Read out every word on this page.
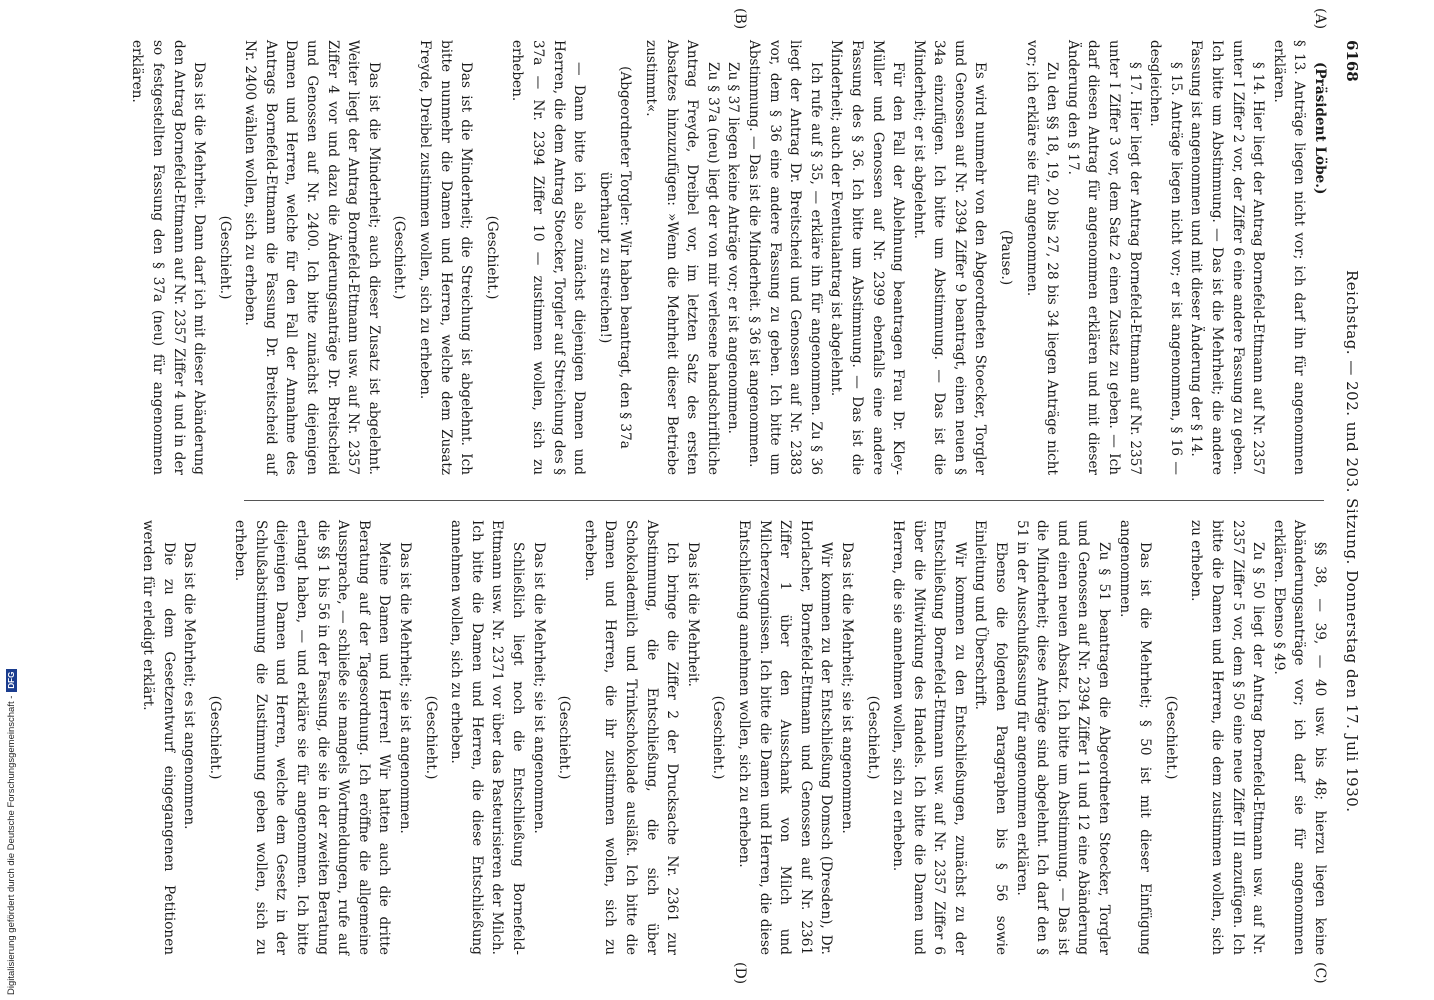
6168
Reichstag. — 202. und 203. Sitzung. Donnerstag den 17. Juli 1930.
(A)
(B)
(C)
(D)

(Präsident Löbe.)
§ 13. Anträge liegen nicht vor; ich darf ihn für angenommen erklären.

§ 14. Hier liegt der Antrag Bornefeld-Ettmann auf Nr. 2357 unter I Ziffer 2 vor, der Ziffer 6 eine andere Fassung zu geben. Ich bitte um Abstimmung. — Das ist die Mehrheit; die andere Fassung ist angenommen und mit dieser Änderung der § 14.

§ 15. Anträge liegen nicht vor; er ist angenommen, § 16 — desgleichen.

§ 17. Hier liegt der Antrag Bornefeld-Ettmann auf Nr. 2357 unter I Ziffer 3 vor, dem Satz 2 einen Zusatz zu geben. — Ich darf diesen Antrag für angenommen erklären und mit dieser Änderung den § 17.

Zu den §§ 18, 19, 20 bis 27, 28 bis 34 liegen Anträge nicht vor; ich erkläre sie für angenommen.

(Pause.)

Es wird nunmehr von den Abgeordneten Stoecker, Torgler und Genossen auf Nr. 2394 Ziffer 9 beantragt, einen neuen § 34a einzufügen. Ich bitte um Abstimmung. — Das ist die Minderheit; er ist abgelehnt.

Für den Fall der Ablehnung beantragen Frau Dr. Kley-Müller und Genossen auf Nr. 2399 ebenfalls eine andere Fassung des § 36. Ich bitte um Abstimmung. — Das ist die Minderheit; auch der Eventualantrag ist abgelehnt.

Ich rufe auf § 35, — erkläre ihn für angenommen. Zu § 36 liegt der Antrag Dr. Breitscheid und Genossen auf Nr. 2383 vor, dem § 36 eine andere Fassung zu geben. Ich bitte um Abstimmung. — Das ist die Minderheit. § 36 ist angenommen.

Zu § 37 liegen keine Anträge vor; er ist angenommen.

Zu § 37a (neu) liegt der von mir verlesene handschriftliche Antrag Freyde, Dreibel vor, im letzten Satz des ersten Absatzes hinzuzufügen: »Wenn die Mehrheit dieser Betriebe zustimmt«.

(Abgeordneter Torgler: Wir haben beantragt, den § 37a überhaupt zu streichen!)

— Dann bitte ich also zunächst diejenigen Damen und Herren, die dem Antrag Stoecker, Torgler auf Streichung des § 37a — Nr. 2394 Ziffer 10 — zustimmen wollen, sich zu erheben.

(Geschieht.)

Das ist die Minderheit; die Streichung ist abgelehnt. Ich bitte nunmehr die Damen und Herren, welche dem Zusatz Freyde, Dreibel zustimmen wollen, sich zu erheben.

(Geschieht.)

Das ist die Minderheit; auch dieser Zusatz ist abgelehnt. Weiter liegt der Antrag Bornefeld-Ettmann usw. auf Nr. 2357 Ziffer 4 vor und dazu die Änderungsanträge Dr. Breitscheid und Genossen auf Nr. 2400. Ich bitte zunächst diejenigen Damen und Herren, welche für den Fall der Annahme des Antrags Bornefeld-Ettmann die Fassung Dr. Breitscheid auf Nr. 2400 wählen wollen, sich zu erheben.

(Geschieht.)

Das ist die Mehrheit. Dann darf ich mit dieser Abänderung den Antrag Bornefeld-Ettmann auf Nr. 2357 Ziffer 4 und in der so festgestellten Fassung den § 37a (neu) für angenommen erklären.

§§ 38, — 39, — 40 usw. bis 48; hierzu liegen keine Abänderungsanträge vor; ich darf sie für angenommen erklären. Ebenso § 49.

Zu § 50 liegt der Antrag Bornefeld-Ettmann usw. auf Nr. 2357 Ziffer 5 vor, dem § 50 eine neue Ziffer III anzufügen. Ich bitte die Damen und Herren, die dem zustimmen wollen, sich zu erheben.

(Geschieht.)

Das ist die Mehrheit; § 50 ist mit dieser Einfügung angenommen.

Zu § 51 beantragen die Abgeordneten Stoecker, Torgler und Genossen auf Nr. 2394 Ziffer 11 und 12 eine Abänderung und einen neuen Absatz. Ich bitte um Abstimmung. — Das ist die Minderheit; diese Anträge sind abgelehnt. Ich darf den § 51 in der Ausschußfassung für angenommen erklären.

Ebenso die folgenden Paragraphen bis § 56 sowie Einleitung und Überschrift.

Wir kommen zu den Entschließungen, zunächst zu der Entschließung Bornefeld-Ettmann usw. auf Nr. 2357 Ziffer 6 über die Mitwirkung des Handels. Ich bitte die Damen und Herren, die sie annehmen wollen, sich zu erheben.

(Geschieht.)

Das ist die Mehrheit; sie ist angenommen.

Wir kommen zu der Entschließung Domsch (Dresden), Dr. Horlacher, Bornefeld-Ettmann und Genossen auf Nr. 2361 Ziffer 1 über den Ausschank von Milch und Milcherzeugnissen. Ich bitte die Damen und Herren, die diese Entschließung annehmen wollen, sich zu erheben.

(Geschieht.)

Das ist die Mehrheit.

Ich bringe die Ziffer 2 der Drucksache Nr. 2361 zur Abstimmung, die Entschließung, die sich über Schokolademilch und Trinkschokolade ausläßt. Ich bitte die Damen und Herren, die ihr zustimmen wollen, sich zu erheben.

(Geschieht.)

Das ist die Mehrheit; sie ist angenommen.

Schließlich liegt noch die Entschließung Bornefeld-Ettmann usw. Nr. 2371 vor über das Pasteurisieren der Milch. Ich bitte die Damen und Herren, die diese Entschließung annehmen wollen, sich zu erheben.

(Geschieht.)

Das ist die Mehrheit; sie ist angenommen.

Meine Damen und Herren! Wir hatten auch die dritte Beratung auf der Tagesordnung. Ich eröffne die allgemeine Aussprache, — schließe sie mangels Wortmeldungen, rufe auf die §§ 1 bis 56 in der Fassung, die sie in der zweiten Beratung erlangt haben, — und erkläre sie für angenommen. Ich bitte diejenigen Damen und Herren, welche dem Gesetz in der Schlußabstimmung die Zustimmung geben wollen, sich zu erheben.

(Geschieht.)

Das ist die Mehrheit; es ist angenommen.

Die zu dem Gesetzentwurf eingegangenen Petitionen werden für erledigt erklärt.

Digitalisierung gefördert durch die Deutsche Forschungsgemeinschaft -DFG
